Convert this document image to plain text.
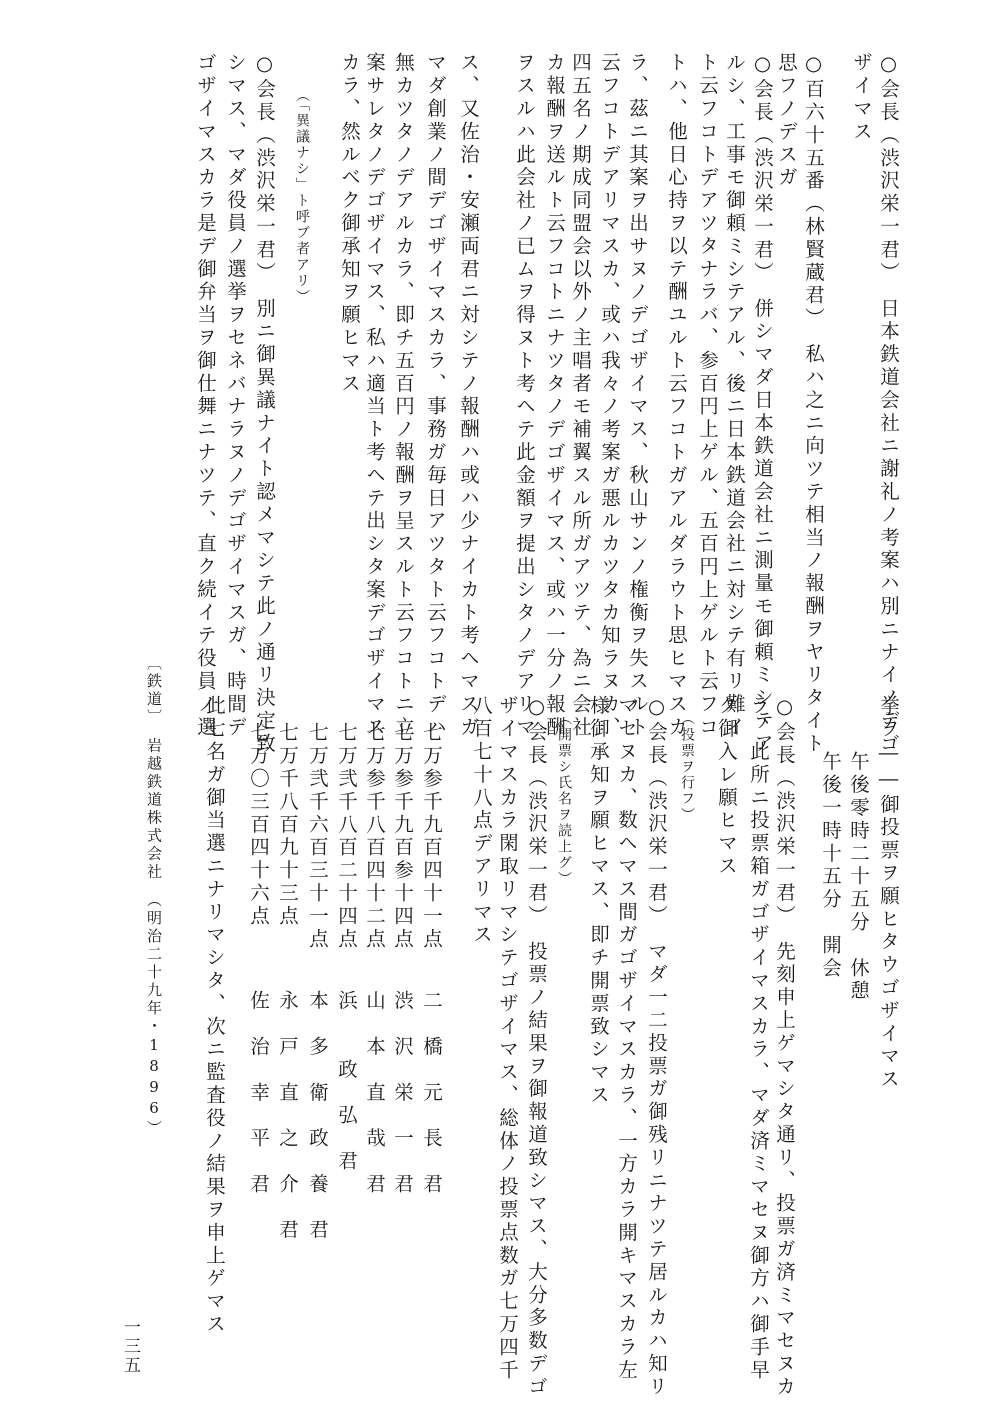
○会長（渋沢栄一君）　日本鉄道会社ニ謝礼ノ考案ハ別ニナイノデゴ

ザイマス

○百六十五番（林賢蔵君）　私ハ之ニ向ツテ相当ノ報酬ヲヤリタイト

思フノデスガ

○会長（渋沢栄一君）　併シマダ日本鉄道会社ニ測量モ御頼ミシテア

ルシ、工事モ御頼ミシテアル、後ニ日本鉄道会社ニ対シテ有リ難イ

ト云フコトデアツタナラバ、参百円上ゲル、五百円上ゲルト云フコ

トハ、他日心持ヲ以テ酬ユルト云フコトガアルダラウト思ヒマスカ

ラ、茲ニ其案ヲ出サヌノデゴザイマス、秋山サンノ権衡ヲ失スルト

云フコトデアリマスカ、或ハ我々ノ考案ガ悪ルカツタカ知ラヌカ、

四五名ノ期成同盟会以外ノ主唱者モ補翼スル所ガアツテ、為ニ会社

カ報酬ヲ送ルト云フコトニナツタノデゴザイマス、或ハ一分ノ報酬

ヲスルハ此会社ノ已ムヲ得ヌト考ヘテ此金額ヲ提出シタノデアリマ

ス、又佐治・安瀬両君ニ対シテノ報酬ハ或ハ少ナイカト考ヘマスガ

マダ創業ノ間デゴザイマスカラ、事務ガ毎日アツタト云フコトデハ

無カツタノデアルカラ、即チ五百円ノ報酬ヲ呈スルト云フコトニ立

案サレタノデゴザイマス、私ハ適当ト考ヘテ出シタ案デゴザイマス

カラ、然ルベク御承知ヲ願ヒマス

（「異議ナシ」ト呼ブ者アリ）

○会長（渋沢栄一君）　別ニ御異議ナイト認メマシテ此ノ通リ決定致

シマス、マダ役員ノ選挙ヲセネバナラヌノデゴザイマスガ、時間デ

ゴザイマスカラ是デ御弁当ヲ御仕舞ニナツテ、直ク続イテ役員ノ選

挙ヲ――御投票ヲ願ヒタウゴザイマス

午後零時二十五分　休憩

午後一時十五分　開会

○会長（渋沢栄一君）　先刻申上ゲマシタ通リ、投票ガ済ミマセヌカ

ラ、此所ニ投票箱ガゴザイマスカラ、マダ済ミマセヌ御方ハ御手早

ク御入レ願ヒマス

（投票ヲ行フ）

○会長（渋沢栄一君）　マダ一二投票ガ御残リニナツテ居ルカハ知リ

マセヌカ、数ヘマス間ガゴザイマスカラ、一方カラ開キマスカラ左

様御承知ヲ願ヒマス、即チ開票致シマス

（開票シ氏名ヲ読上グ）

○会長（渋沢栄一君）　投票ノ結果ヲ御報道致シマス、大分多数デゴ

ザイマスカラ閑取リマシテゴザイマス、総体ノ投票点数ガ七万四千

八百七十八点デアリマス

七万参千九百四十一点

二　橋　元　長　君

七万参千九百参十四点

渋　沢　栄　一　君

七万参千八百四十二点

山　本　直　哉　君

七万弐千八百二十四点

浜　　政　弘　君

七万弐千六百三十一点

本　多　衛　政　養　君

七万千八百九十三点

永　戸　直　之　介　君

七万〇三百四十六点

佐　治　幸　平　君

此七名ガ御当選ニナリマシタ、次ニ監査役ノ結果ヲ申上ゲマス

〔鉄道〕　岩越鉄道株式会社　（明治二十九年・1896）

一三五
